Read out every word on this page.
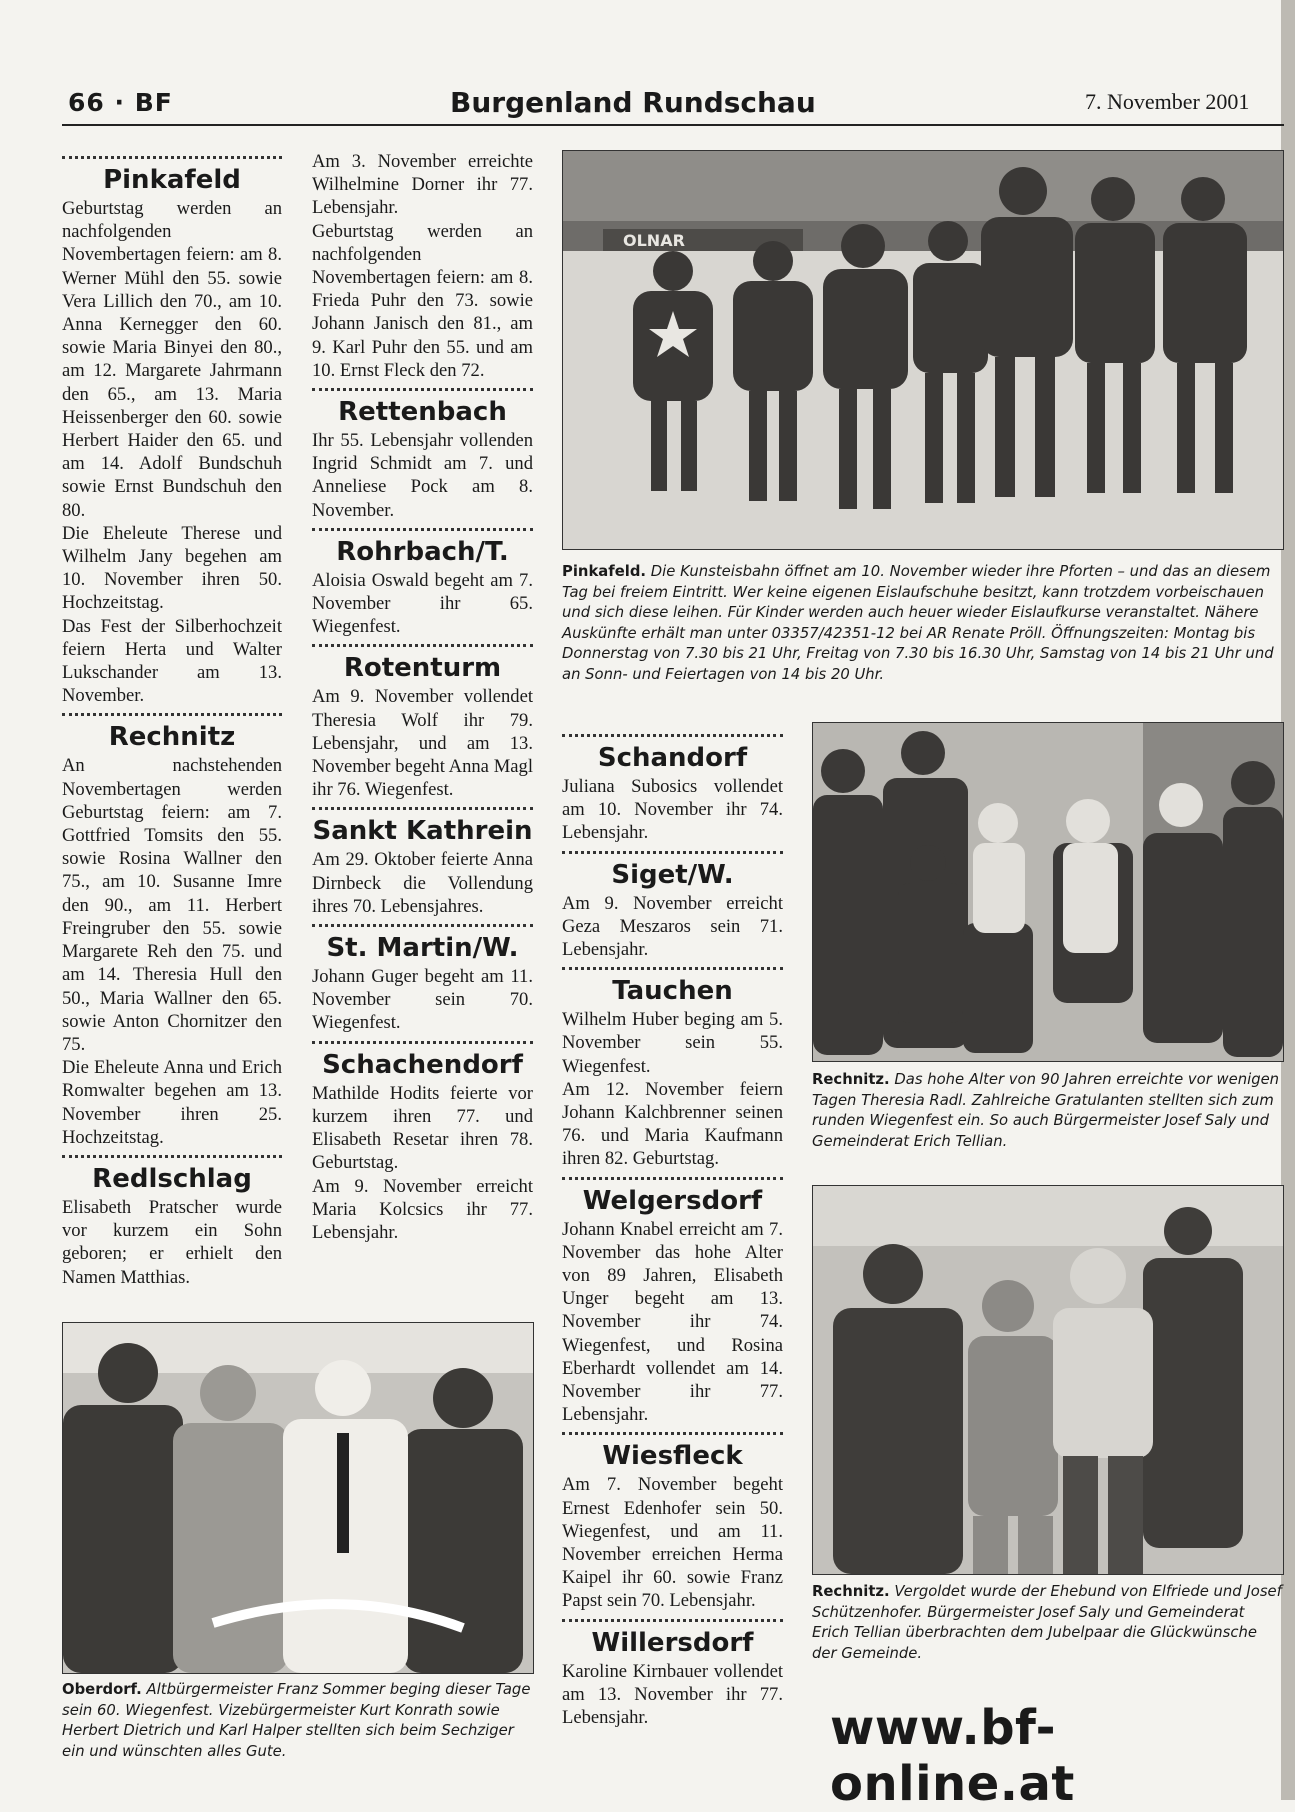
66 · BF	Burgenland Rundschau	7. November 2001
Pinkafeld

Geburtstag werden an nachfolgenden Novembertagen feiern: am 8. Werner Mühl den 55. sowie Vera Lillich den 70., am 10. Anna Kernegger den 60. sowie Maria Binyei den 80., am 12. Margarete Jahrmann den 65., am 13. Maria Heissenberger den 60. sowie Herbert Haider den 65. und am 14. Adolf Bundschuh sowie Ernst Bundschuh den 80.

Die Eheleute Therese und Wilhelm Jany begehen am 10. November ihren 50. Hochzeitstag.

Das Fest der Silberhochzeit feiern Herta und Walter Lukschander am 13. November.

Rechnitz

An nachstehenden Novembertagen werden Geburtstag feiern: am 7. Gottfried Tomsits den 55. sowie Rosina Wallner den 75., am 10. Susanne Imre den 90., am 11. Herbert Freingruber den 55. sowie Margarete Reh den 75. und am 14. Theresia Hull den 50., Maria Wallner den 65. sowie Anton Chornitzer den 75.

Die Eheleute Anna und Erich Romwalter begehen am 13. November ihren 25. Hochzeitstag.

Redlschlag

Elisabeth Pratscher wurde vor kurzem ein Sohn geboren; er erhielt den Namen Matthias.

Am 3. November erreichte Wilhelmine Dorner ihr 77. Lebensjahr.

Geburtstag werden an nachfolgenden Novembertagen feiern: am 8. Frieda Puhr den 73. sowie Johann Janisch den 81., am 9. Karl Puhr den 55. und am 10. Ernst Fleck den 72.

Rettenbach

Ihr 55. Lebensjahr vollenden Ingrid Schmidt am 7. und Anneliese Pock am 8. November.

Rohrbach/T.

Aloisia Oswald begeht am 7. November ihr 65. Wiegenfest.

Rotenturm

Am 9. November vollendet Theresia Wolf ihr 79. Lebensjahr, und am 13. November begeht Anna Magl ihr 76. Wiegenfest.

Sankt Kathrein

Am 29. Oktober feierte Anna Dirnbeck die Vollendung ihres 70. Lebensjahres.

St. Martin/W.

Johann Guger begeht am 11. November sein 70. Wiegenfest.

Schachendorf

Mathilde Hodits feierte vor kurzem ihren 77. und Elisabeth Resetar ihren 78. Geburtstag.

Am 9. November erreicht Maria Kolcsics ihr 77. Lebensjahr.

Schandorf

Juliana Subosics vollendet am 10. November ihr 74. Lebensjahr.

Siget/W.

Am 9. November erreicht Geza Meszaros sein 71. Lebensjahr.

Tauchen

Wilhelm Huber beging am 5. November sein 55. Wiegenfest.

Am 12. November feiern Johann Kalchbrenner seinen 76. und Maria Kaufmann ihren 82. Geburtstag.

Welgersdorf

Johann Knabel erreicht am 7. November das hohe Alter von 89 Jahren, Elisabeth Unger begeht am 13. November ihr 74. Wiegenfest, und Rosina Eberhardt vollendet am 14. November ihr 77. Lebensjahr.

Wiesfleck

Am 7. November begeht Ernest Edenhofer sein 50. Wiegenfest, und am 11. November erreichen Herma Kaipel ihr 60. sowie Franz Papst sein 70. Lebensjahr.

Willersdorf

Karoline Kirnbauer vollendet am 13. November ihr 77. Lebensjahr.

OLNAR
Pinkafeld. Die Kunsteisbahn öffnet am 10. November wieder ihre Pforten – und das an diesem Tag bei freiem Eintritt. Wer keine eigenen Eislaufschuhe besitzt, kann trotzdem vorbeischauen und sich diese leihen. Für Kinder werden auch heuer wieder Eislaufkurse veranstaltet. Nähere Auskünfte erhält man unter 03357/42351-12 bei AR Renate Pröll. Öffnungszeiten: Montag bis Donnerstag von 7.30 bis 21 Uhr, Freitag von 7.30 bis 16.30 Uhr, Samstag von 14 bis 21 Uhr und an Sonn- und Feiertagen von 14 bis 20 Uhr.
Rechnitz. Das hohe Alter von 90 Jahren erreichte vor wenigen Tagen Theresia Radl. Zahlreiche Gratulanten stellten sich zum runden Wiegenfest ein. So auch Bürgermeister Josef Saly und Gemeinderat Erich Tellian.
Rechnitz. Vergoldet wurde der Ehebund von Elfriede und Josef Schützenhofer. Bürgermeister Josef Saly und Gemeinderat Erich Tellian überbrachten dem Jubelpaar die Glückwünsche der Gemeinde.
Oberdorf. Altbürgermeister Franz Sommer beging dieser Tage sein 60. Wiegenfest. Vizebürgermeister Kurt Konrath sowie Herbert Dietrich und Karl Halper stellten sich beim Sechziger ein und wünschten alles Gute.	www.bf-online.at
